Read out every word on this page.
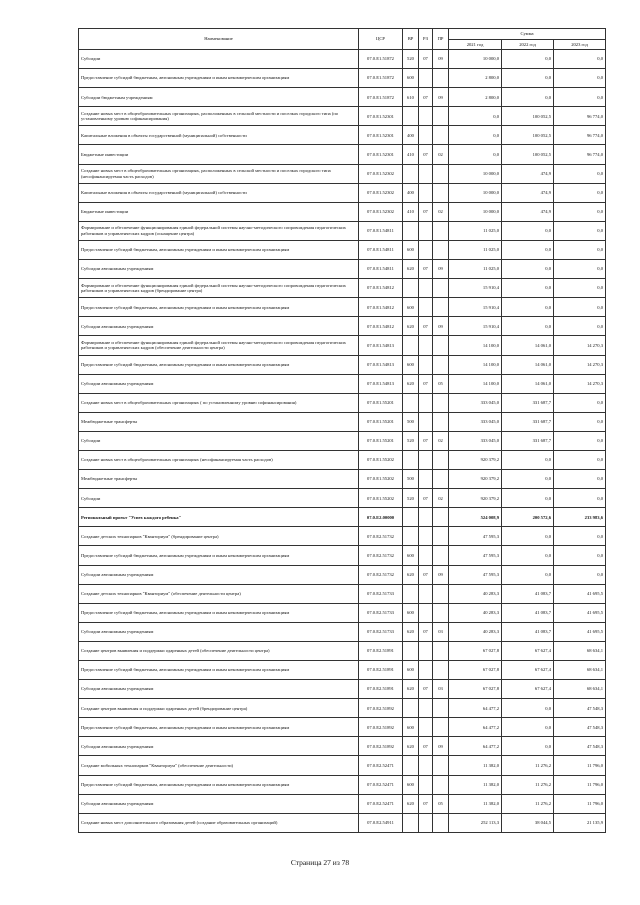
Наименование	ЦСР	ВР	РЗ	ПР	Сумма		
					2021 год	2022 год	2023 год
Субсидии	07.0.E1.51872	520	07	09	10 000,0	0,0	0,0
Предоставление субсидий бюджетным, автономным учреждениям и иным некоммерческим организациям	07.0.E1.51872	600			2 800,0	0,0	0,0
Субсидии бюджетным учреждениям	07.0.E1.51872	610	07	09	2 800,0	0,0	0,0
Создание новых мест в общеобразовательных организациях, расположенных в сельской местности и поселках городского типа (по установленному уровню софинансирования)	07.0.E1.52301				0,0	100 052,5	96 774,0
Капитальные вложения в объекты государственной (муниципальной) собственности	07.0.E1.52301	400			0,0	100 052,5	96 774,0
Бюджетные инвестиции	07.0.E1.52301	410	07	02	0,0	100 052,5	96 774,0
Создание новых мест в общеобразовательных организациях, расположенных в сельской местности и поселках городского типа (несофинансируемая часть расходов)	07.0.E1.52302				10 000,0	474,9	0,0
Капитальные вложения в объекты государственной (муниципальной) собственности	07.0.E1.52302	400			10 000,0	474,9	0,0
Бюджетные инвестиции	07.0.E1.52302	410	07	02	10 000,0	474,9	0,0
Формирование и обеспечение функционирования единой федеральной системы научно-методического сопровождения педагогических работников и управленческих кадров (оснащение центра)	07.0.E1.54811				11 025,0	0,0	0,0
Предоставление субсидий бюджетным, автономным учреждениям и иным некоммерческим организациям	07.0.E1.54811	600			11 025,0	0,0	0,0
Субсидии автономным учреждениям	07.0.E1.54811	620	07	09	11 025,0	0,0	0,0
Формирование и обеспечение функционирования единой федеральной системы научно-методического сопровождения педагогических работников и управленческих кадров (брендирование центра)	07.0.E1.54812				15 910,4	0,0	0,0
Предоставление субсидий бюджетным, автономным учреждениям и иным некоммерческим организациям	07.0.E1.54812	600			15 910,4	0,0	0,0
Субсидии автономным учреждениям	07.0.E1.54812	620	07	09	15 910,4	0,0	0,0
Формирование и обеспечение функционирования единой федеральной системы научно-методического сопровождения педагогических работников и управленческих кадров (обеспечение деятельности центра)	07.0.E1.54813				14 100,0	14 061,0	14 270,3
Предоставление субсидий бюджетным, автономным учреждениям и иным некоммерческим организациям	07.0.E1.54813	600			14 100,0	14 061,0	14 270,3
Субсидии автономным учреждениям	07.0.E1.54813	620	07	05	14 100,0	14 061,0	14 270,3
Создание новых мест в общеобразовательных организациях ( по установленному уровню софинансирования)	07.0.E1.55201				333 045,0	331 687,7	0,0
Межбюджетные трансферты	07.0.E1.55201	500			333 045,0	331 687,7	0,0
Субсидии	07.0.E1.55201	520	07	02	333 045,0	331 687,7	0,0
Создание новых мест в общеобразовательных организациях (несофинансируемая часть расходов)	07.0.E1.55202				920 379,2	0,0	0,0
Межбюджетные трансферты	07.0.E1.55202	500			920 379,2	0,0	0,0
Субсидии	07.0.E1.55202	520	07	02	920 379,2	0,0	0,0
Региональный проект "Успех каждого ребенка"	07.0.E2.00000				524 008,9	200 572,6	233 983,6
Создание детских технопарков "Кванториум" (брендирование центра)	07.0.E2.51732				47 595,3	0,0	0,0
Предоставление субсидий бюджетным, автономным учреждениям и иным некоммерческим организациям	07.0.E2.51732	600			47 595,3	0,0	0,0
Субсидии автономным учреждениям	07.0.E2.51732	620	07	09	47 595,3	0,0	0,0
Создание детских технопарков "Кванториум" (обеспечение деятельности центра)	07.0.E2.51733				40 283,3	41 083,7	41 695,5
Предоставление субсидий бюджетным, автономным учреждениям и иным некоммерческим организациям	07.0.E2.51733	600			40 283,3	41 083,7	41 695,5
Субсидии автономным учреждениям	07.0.E2.51733	620	07	03	40 283,3	41 083,7	41 695,5
Создание центров выявления и поддержки одаренных детей (обеспечение деятельности центра)	07.0.E2.51891				67 027,8	67 627,4	68 634,1
Предоставление субсидий бюджетным, автономным учреждениям и иным некоммерческим организациям	07.0.E2.51891	600			67 027,8	67 627,4	68 634,1
Субсидии автономным учреждениям	07.0.E2.51891	620	07	03	67 027,8	67 627,4	68 634,1
Создание центров выявления и поддержки одаренных детей (брендирование центра)	07.0.E2.51892				64 477,2	0,0	47 548,3
Предоставление субсидий бюджетным, автономным учреждениям и иным некоммерческим организациям	07.0.E2.51892	600			64 477,2	0,0	47 548,3
Субсидии автономным учреждениям	07.0.E2.51892	620	07	09	64 477,2	0,0	47 548,3
Создание мобильных технопарков "Кванториум" (обеспечение деятельности)	07.0.E2.52471				11 382,0	11 276,2	11 796,0
Предоставление субсидий бюджетным, автономным учреждениям и иным некоммерческим организациям	07.0.E2.52471	600			11 382,0	11 276,2	11 796,0
Субсидии автономным учреждениям	07.0.E2.52471	620	07	05	11 382,0	11 276,2	11 796,0
Создание новых мест дополнительного образования детей (создание образовательных организаций)	07.0.E2.54911				252 113,3	38 044,5	21 135,9
Страница 27 из 78
